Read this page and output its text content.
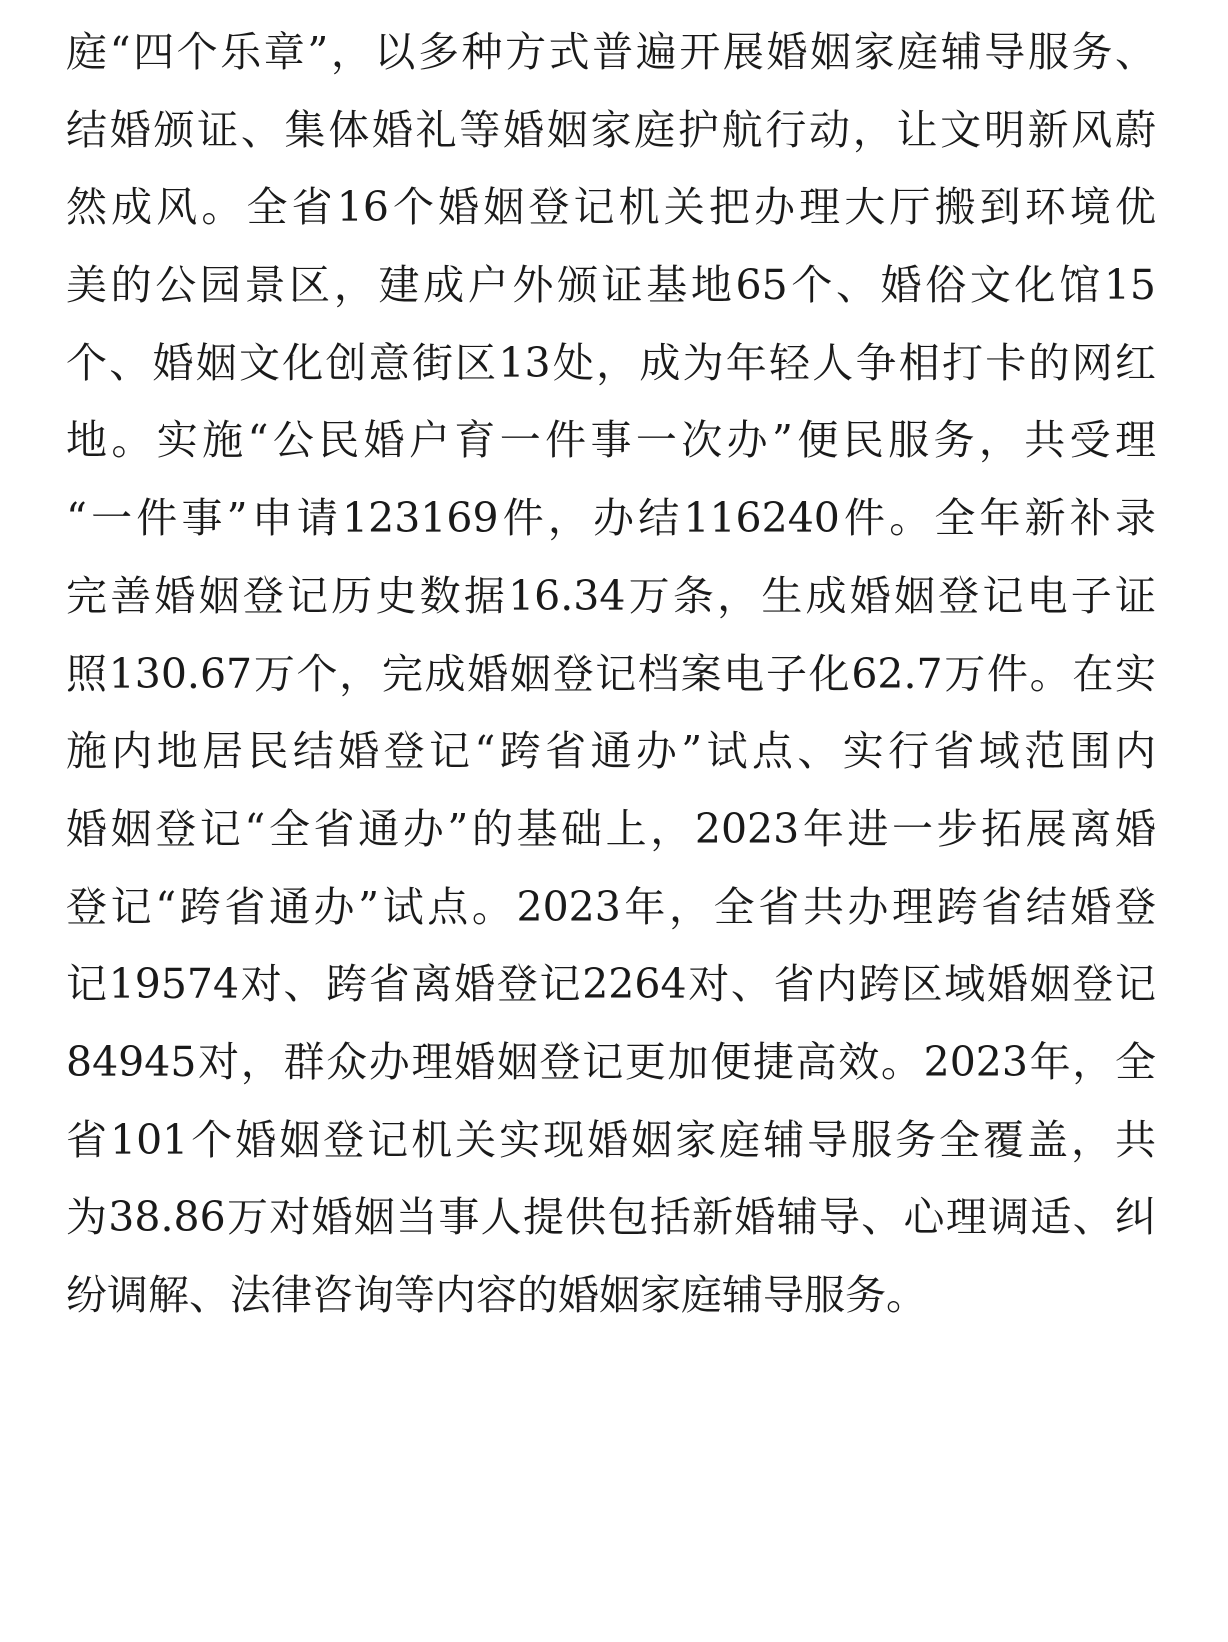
庭“四个乐章”，以多种方式普遍开展婚姻家庭辅导服务、
结婚颁证、集体婚礼等婚姻家庭护航行动，让文明新风蔚
然成风。全省16个婚姻登记机关把办理大厅搬到环境优
美的公园景区，建成户外颁证基地65个、婚俗文化馆15
个、婚姻文化创意街区13处，成为年轻人争相打卡的网红
地。实施“公民婚户育一件事一次办”便民服务，共受理
“一件事”申请123169件，办结116240件。全年新补录
完善婚姻登记历史数据16.34万条，生成婚姻登记电子证
照130.67万个，完成婚姻登记档案电子化62.7万件。在实
施内地居民结婚登记“跨省通办”试点、实行省域范围内
婚姻登记“全省通办”的基础上，2023年进一步拓展离婚
登记“跨省通办”试点。2023年，全省共办理跨省结婚登
记19574对、跨省离婚登记2264对、省内跨区域婚姻登记
84945对，群众办理婚姻登记更加便捷高效。2023年，全
省101个婚姻登记机关实现婚姻家庭辅导服务全覆盖，共
为38.86万对婚姻当事人提供包括新婚辅导、心理调适、纠
纷调解、法律咨询等内容的婚姻家庭辅导服务。
